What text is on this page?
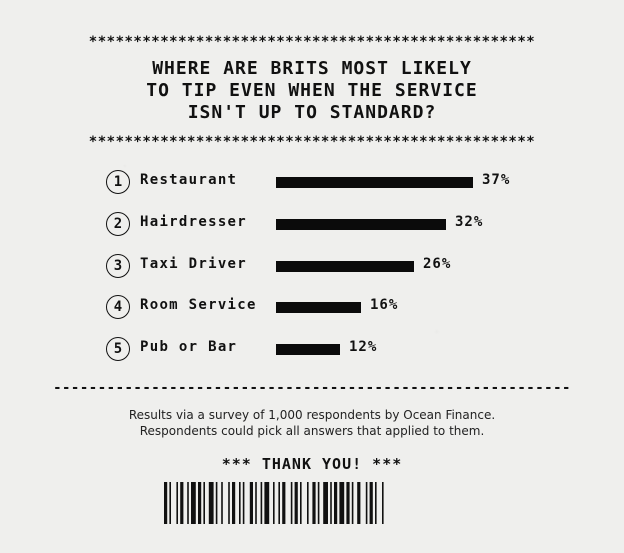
**************************************************
WHERE ARE BRITS MOST LIKELY
TO TIP EVEN WHEN THE SERVICE
ISN'T UP TO STANDARD?
**************************************************
1	Restaurant	37%
2	Hairdresser	32%
3	Taxi Driver	26%
4	Room Service	16%
5	Pub or Bar	12%
----------------------------------------------------------
Results via a survey of 1,000 respondents by Ocean Finance.
Respondents could pick all answers that applied to them.
*** THANK YOU! ***
